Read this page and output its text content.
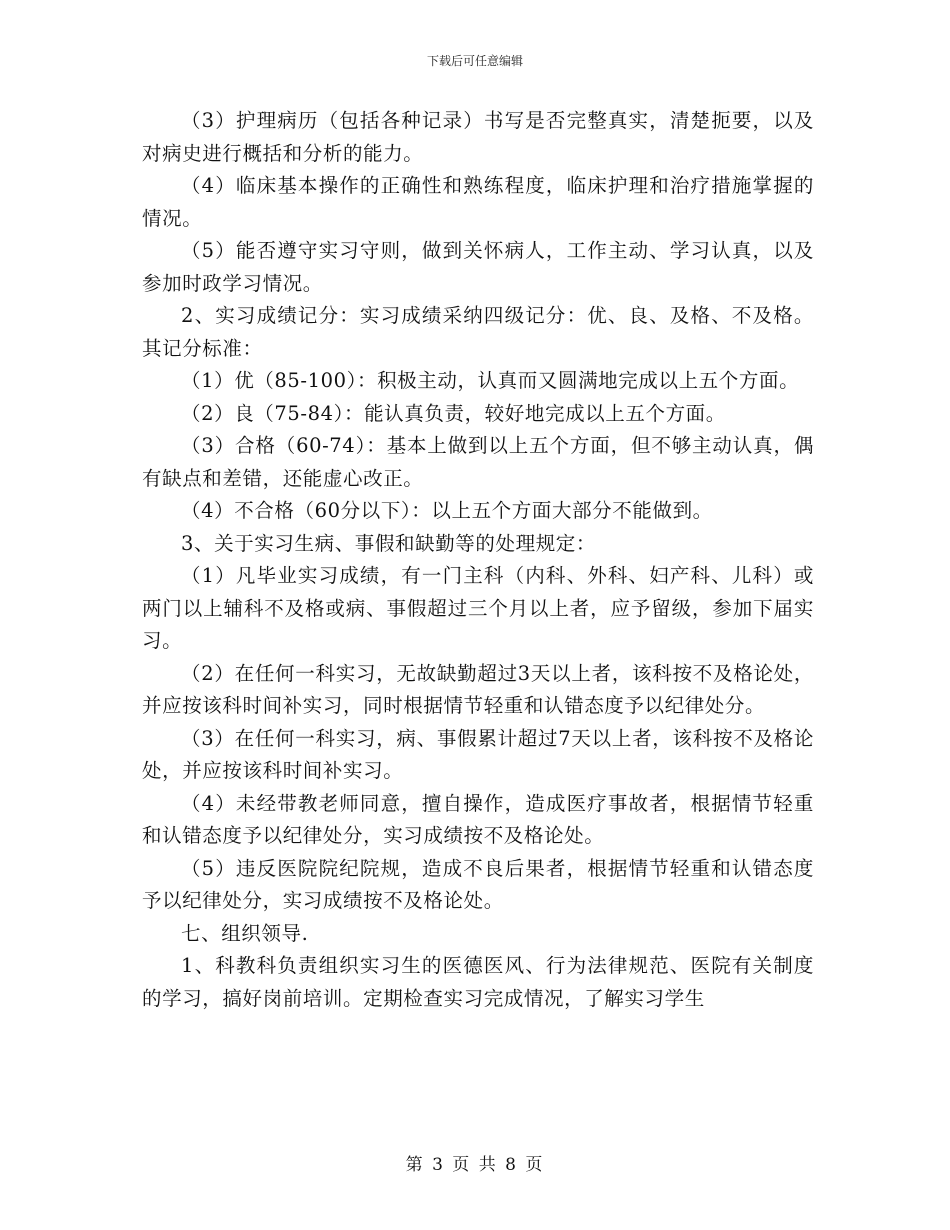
下载后可任意编辑

（3）护理病历（包括各种记录）书写是否完整真实，清楚扼要，以及对病史进行概括和分析的能力。

（4）临床基本操作的正确性和熟练程度，临床护理和治疗措施掌握的情况。

（5）能否遵守实习守则，做到关怀病人，工作主动、学习认真，以及参加时政学习情况。

2、实习成绩记分：实习成绩采纳四级记分：优、良、及格、不及格。其记分标准：

（1）优（85-100）：积极主动，认真而又圆满地完成以上五个方面。

（2）良（75-84）：能认真负责，较好地完成以上五个方面。

（3）合格（60-74）：基本上做到以上五个方面，但不够主动认真，偶有缺点和差错，还能虚心改正。

（4）不合格（60分以下）：以上五个方面大部分不能做到。

3、关于实习生病、事假和缺勤等的处理规定：

（1）凡毕业实习成绩，有一门主科（内科、外科、妇产科、儿科）或两门以上辅科不及格或病、事假超过三个月以上者，应予留级，参加下届实习。

（2）在任何一科实习，无故缺勤超过3天以上者，该科按不及格论处，并应按该科时间补实习，同时根据情节轻重和认错态度予以纪律处分。

（3）在任何一科实习，病、事假累计超过7天以上者，该科按不及格论处，并应按该科时间补实习。

（4）未经带教老师同意，擅自操作，造成医疗事故者，根据情节轻重和认错态度予以纪律处分，实习成绩按不及格论处。

（5）违反医院院纪院规，造成不良后果者，根据情节轻重和认错态度予以纪律处分，实习成绩按不及格论处。

七、组织领导.

1、科教科负责组织实习生的医德医风、行为法律规范、医院有关制度的学习，搞好岗前培训。定期检查实习完成情况，了解实习学生

第 3 页 共 8 页
